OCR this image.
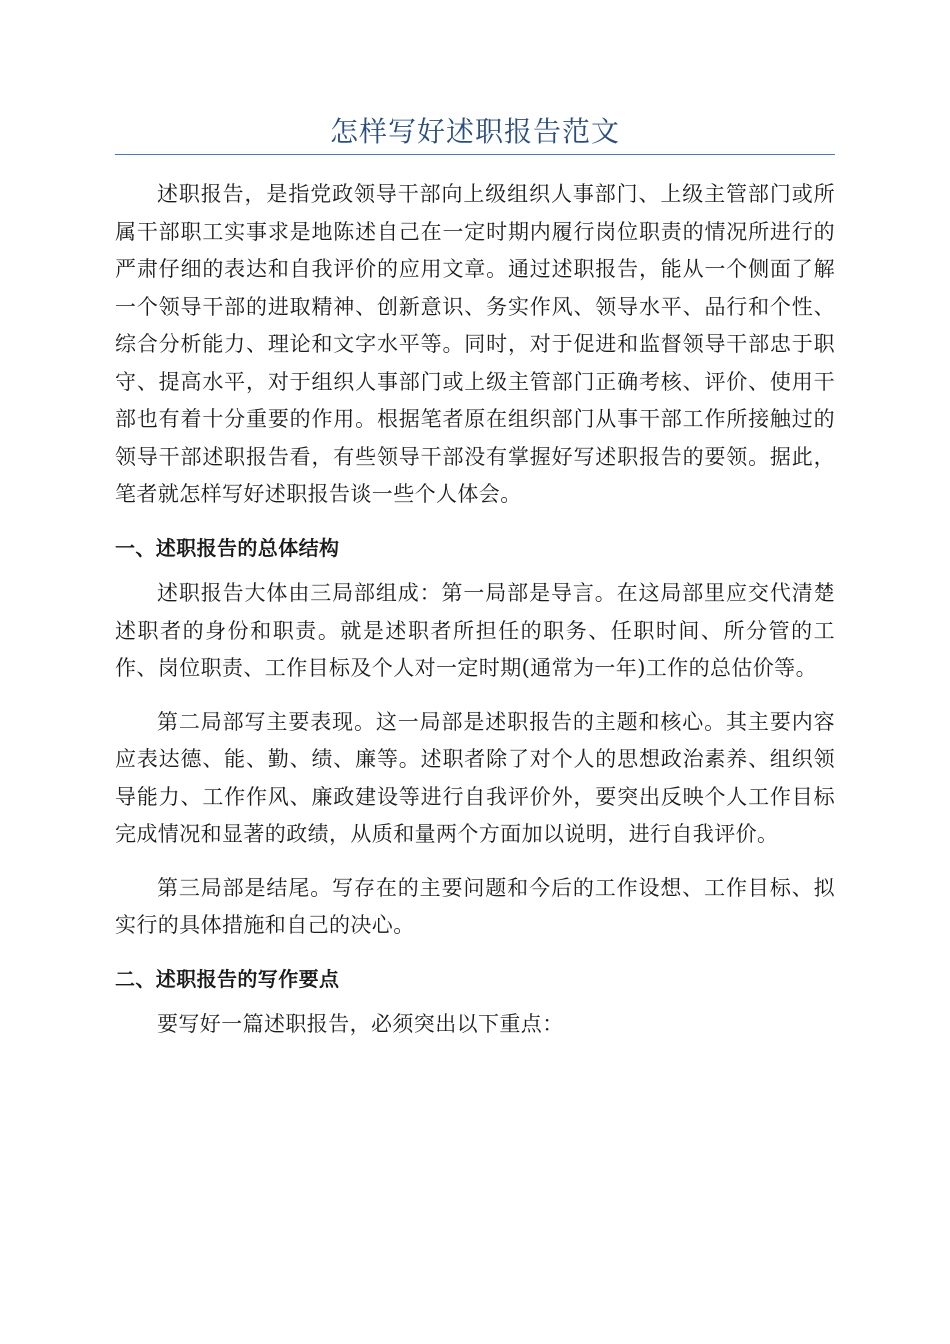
怎样写好述职报告范文

述职报告，是指党政领导干部向上级组织人事部门、上级主管部门或所属干部职工实事求是地陈述自己在一定时期内履行岗位职责的情况所进行的严肃仔细的表达和自我评价的应用文章。通过述职报告，能从一个侧面了解一个领导干部的进取精神、创新意识、务实作风、领导水平、品行和个性、综合分析能力、理论和文字水平等。同时，对于促进和监督领导干部忠于职守、提高水平，对于组织人事部门或上级主管部门正确考核、评价、使用干部也有着十分重要的作用。根据笔者原在组织部门从事干部工作所接触过的领导干部述职报告看，有些领导干部没有掌握好写述职报告的要领。据此，笔者就怎样写好述职报告谈一些个人体会。

一、述职报告的总体结构

述职报告大体由三局部组成：第一局部是导言。在这局部里应交代清楚述职者的身份和职责。就是述职者所担任的职务、任职时间、所分管的工作、岗位职责、工作目标及个人对一定时期(通常为一年)工作的总估价等。

第二局部写主要表现。这一局部是述职报告的主题和核心。其主要内容应表达德、能、勤、绩、廉等。述职者除了对个人的思想政治素养、组织领导能力、工作作风、廉政建设等进行自我评价外，要突出反映个人工作目标完成情况和显著的政绩，从质和量两个方面加以说明，进行自我评价。

第三局部是结尾。写存在的主要问题和今后的工作设想、工作目标、拟实行的具体措施和自己的决心。

二、述职报告的写作要点

要写好一篇述职报告，必须突出以下重点：
